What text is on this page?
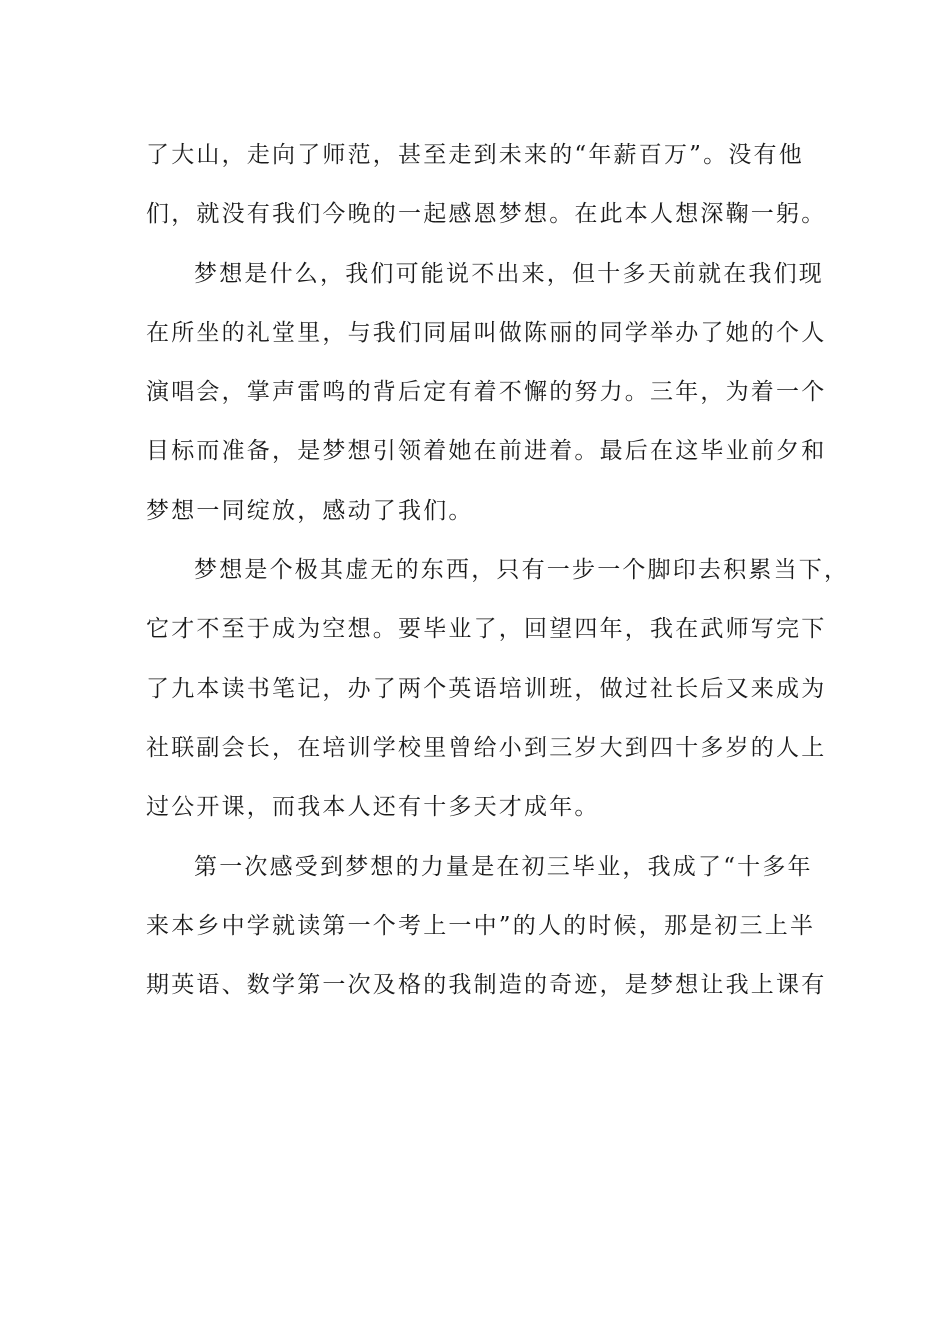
了大山，走向了师范，甚至走到未来的“年薪百万”。没有他
们，就没有我们今晚的一起感恩梦想。在此本人想深鞠一躬。
梦想是什么，我们可能说不出来，但十多天前就在我们现
在所坐的礼堂里，与我们同届叫做陈丽的同学举办了她的个人
演唱会，掌声雷鸣的背后定有着不懈的努力。三年，为着一个
目标而准备，是梦想引领着她在前进着。最后在这毕业前夕和
梦想一同绽放，感动了我们。
梦想是个极其虚无的东西，只有一步一个脚印去积累当下，
它才不至于成为空想。要毕业了，回望四年，我在武师写完下
了九本读书笔记，办了两个英语培训班，做过社长后又来成为
社联副会长，在培训学校里曾给小到三岁大到四十多岁的人上
过公开课，而我本人还有十多天才成年。
第一次感受到梦想的力量是在初三毕业，我成了“十多年
来本乡中学就读第一个考上一中”的人的时候，那是初三上半
期英语、数学第一次及格的我制造的奇迹，是梦想让我上课有
